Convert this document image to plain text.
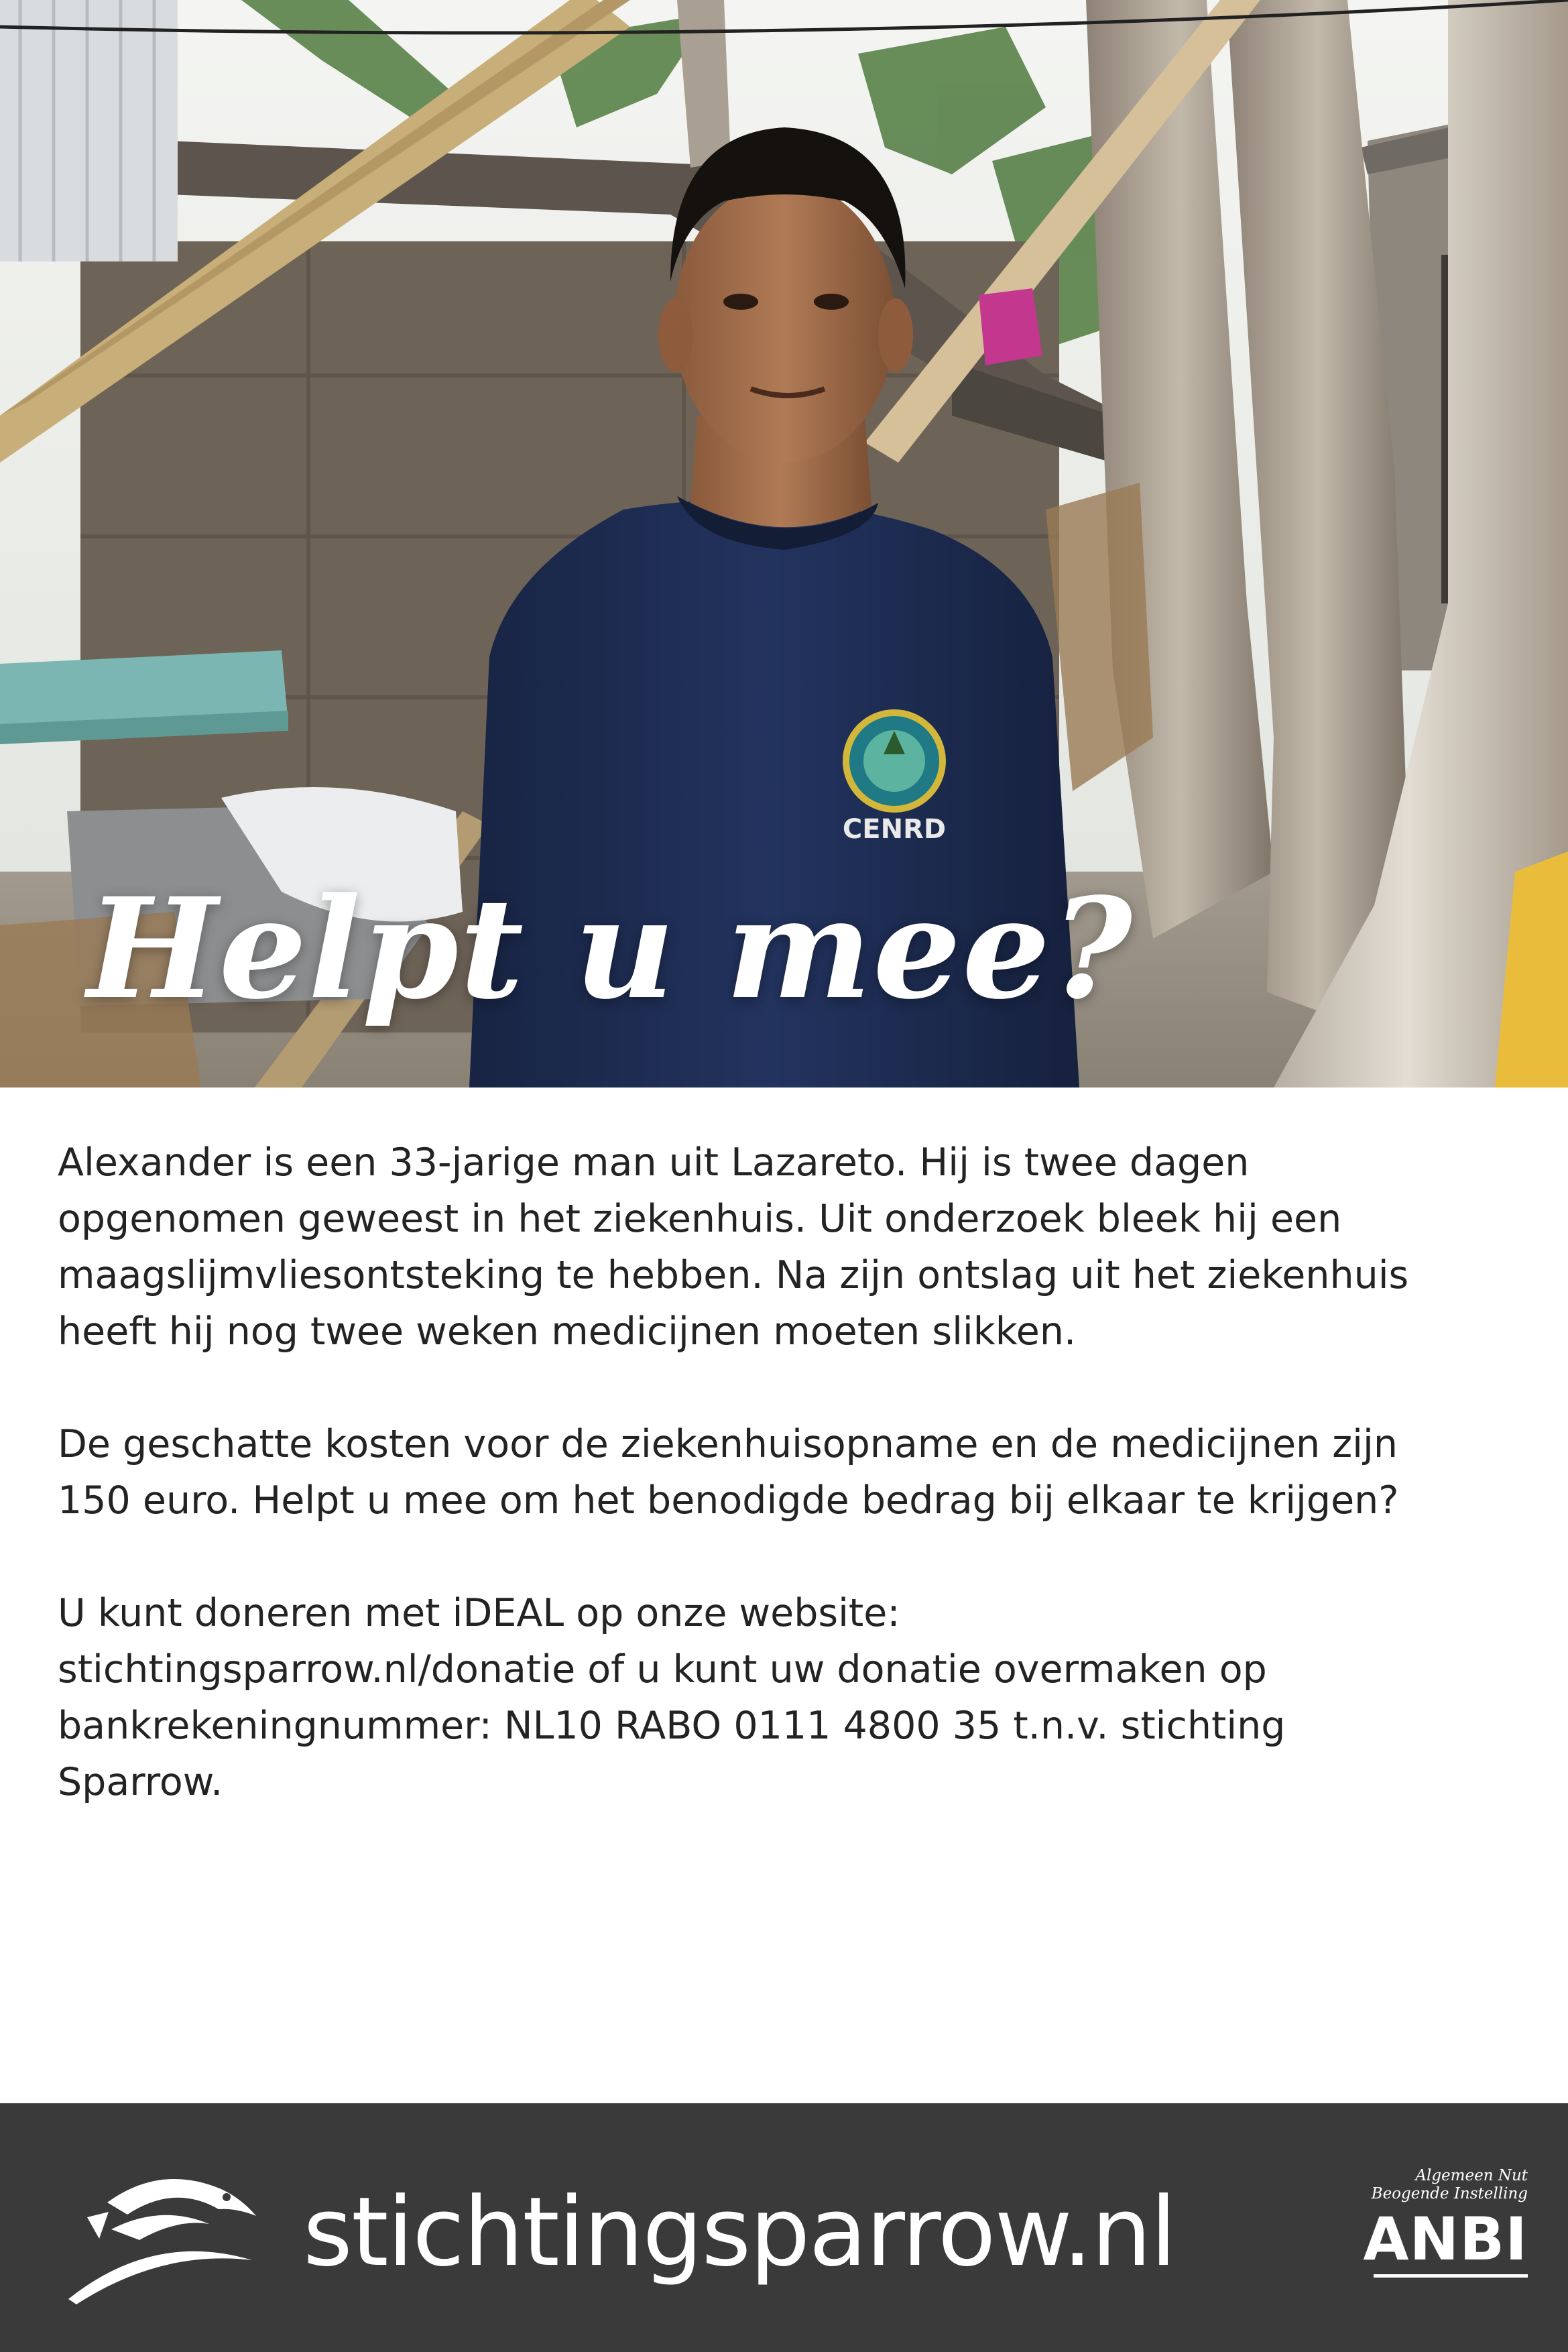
CENRD
Helpt u mee?

Alexander is een 33-jarige man uit Lazareto. Hij is twee dagen
opgenomen geweest in het ziekenhuis. Uit onderzoek bleek hij een
maagslijmvliesontsteking te hebben. Na zijn ontslag uit het ziekenhuis
heeft hij nog twee weken medicijnen moeten slikken.

De geschatte kosten voor de ziekenhuisopname en de medicijnen zijn
150 euro. Helpt u mee om het benodigde bedrag bij elkaar te krijgen?

U kunt doneren met iDEAL op onze website:
stichtingsparrow.nl/donatie of u kunt uw donatie overmaken op
bankrekeningnummer: NL10 RABO 0111 4800 35 t.n.v. stichting
Sparrow.

stichtingsparrow.nl
Algemeen Nut
Beogende Instelling
ANBI
